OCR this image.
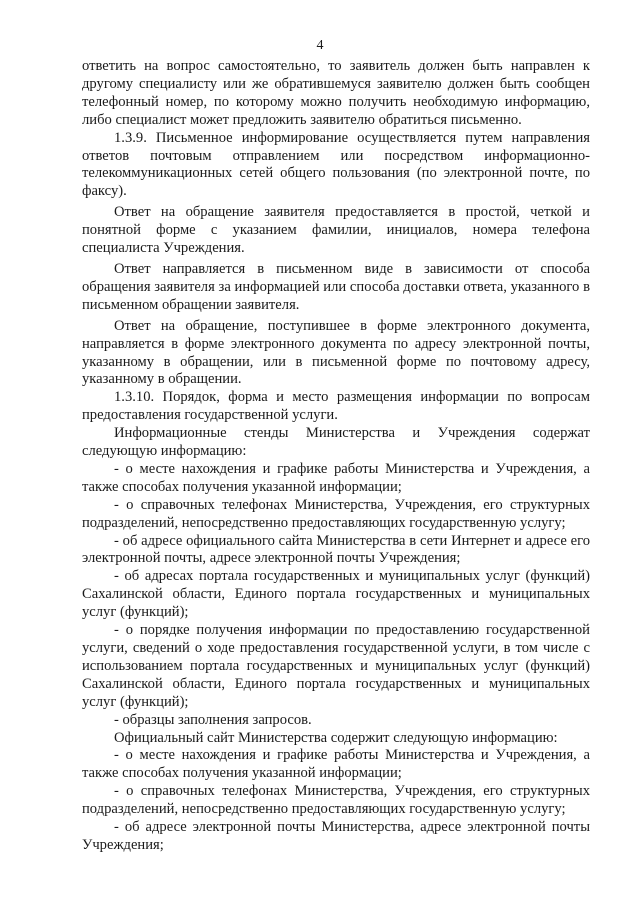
4

ответить на вопрос самостоятельно, то заявитель должен быть направлен к другому специалисту или же обратившемуся заявителю должен быть сообщен телефонный номер, по которому можно получить необходимую информацию, либо специалист может предложить заявителю обратиться письменно.

1.3.9. Письменное информирование осуществляется путем направления ответов почтовым отправлением или посредством информационно-телекоммуникационных сетей общего пользования (по электронной почте, по факсу).

Ответ на обращение заявителя предоставляется в простой, четкой и понятной форме с указанием фамилии, инициалов, номера телефона специалиста Учреждения.

Ответ направляется в письменном виде в зависимости от способа обращения заявителя за информацией или способа доставки ответа, указанного в письменном обращении заявителя.

Ответ на обращение, поступившее в форме электронного документа, направляется в форме электронного документа по адресу электронной почты, указанному в обращении, или в письменной форме по почтовому адресу, указанному в обращении.

1.3.10. Порядок, форма и место размещения информации по вопросам предоставления государственной услуги.

Информационные стенды Министерства и Учреждения содержат следующую информацию:

- о месте нахождения и графике работы Министерства и Учреждения, а также способах получения указанной информации;

- о справочных телефонах Министерства, Учреждения, его структурных подразделений, непосредственно предоставляющих государственную услугу;

- об адресе официального сайта Министерства в сети Интернет и адресе его электронной почты, адресе электронной почты Учреждения;

- об адресах портала государственных и муниципальных услуг (функций) Сахалинской области, Единого портала государственных и муниципальных услуг (функций);

- о порядке получения информации по предоставлению государственной услуги, сведений о ходе предоставления государственной услуги, в том числе с использованием портала государственных и муниципальных услуг (функций) Сахалинской области, Единого портала государственных и муниципальных услуг (функций);

- образцы заполнения запросов.

Официальный сайт Министерства содержит следующую информацию:

- о месте нахождения и графике работы Министерства и Учреждения, а также способах получения указанной информации;

- о справочных телефонах Министерства, Учреждения, его структурных подразделений, непосредственно предоставляющих государственную услугу;

- об адресе электронной почты Министерства, адресе электронной почты Учреждения;
